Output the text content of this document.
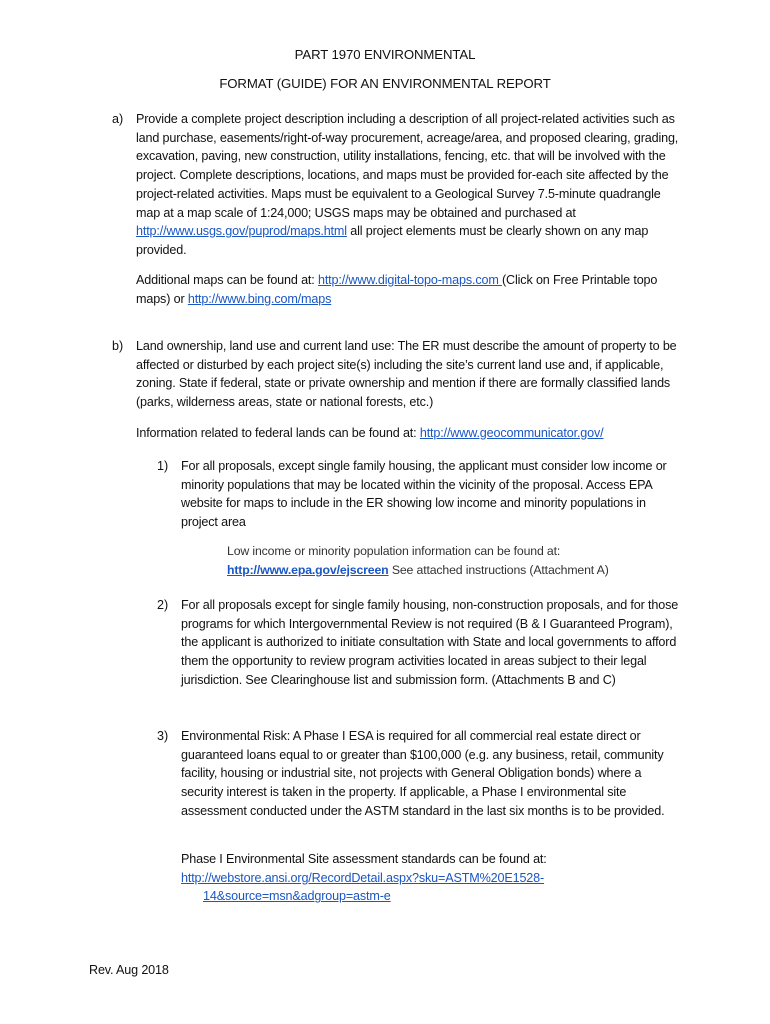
PART 1970 ENVIRONMENTAL
FORMAT (GUIDE) FOR AN ENVIRONMENTAL REPORT
a) Provide a complete project description including a description of all project-related activities such as land purchase, easements/right-of-way procurement, acreage/area, and proposed clearing, grading, excavation, paving, new construction, utility installations, fencing, etc. that will be involved with the project. Complete descriptions, locations, and maps must be provided for-each site affected by the project-related activities. Maps must be equivalent to a Geological Survey 7.5-minute quadrangle map at a map scale of 1:24,000; USGS maps may be obtained and purchased at http://www.usgs.gov/puprod/maps.html all project elements must be clearly shown on any map provided.
Additional maps can be found at: http://www.digital-topo-maps.com (Click on Free Printable topo maps) or http://www.bing.com/maps
b) Land ownership, land use and current land use: The ER must describe the amount of property to be affected or disturbed by each project site(s) including the site’s current land use and, if applicable, zoning. State if federal, state or private ownership and mention if there are formally classified lands (parks, wilderness areas, state or national forests, etc.)
Information related to federal lands can be found at: http://www.geocommunicator.gov/
1) For all proposals, except single family housing, the applicant must consider low income or minority populations that may be located within the vicinity of the proposal. Access EPA website for maps to include in the ER showing low income and minority populations in project area
Low income or minority population information can be found at:
http://www.epa.gov/ejscreen See attached instructions (Attachment A)
2) For all proposals except for single family housing, non-construction proposals, and for those programs for which Intergovernmental Review is not required (B & I Guaranteed Program), the applicant is authorized to initiate consultation with State and local governments to afford them the opportunity to review program activities located in areas subject to their legal jurisdiction. See Clearinghouse list and submission form. (Attachments B and C)
3) Environmental Risk: A Phase I ESA is required for all commercial real estate direct or guaranteed loans equal to or greater than $100,000 (e.g. any business, retail, community facility, housing or industrial site, not projects with General Obligation bonds) where a security interest is taken in the property. If applicable, a Phase I environmental site assessment conducted under the ASTM standard in the last six months is to be provided.
Phase I Environmental Site assessment standards can be found at:
http://webstore.ansi.org/RecordDetail.aspx?sku=ASTM%20E1528-
14&source=msn&adgroup=astm-e
Rev. Aug 2018
